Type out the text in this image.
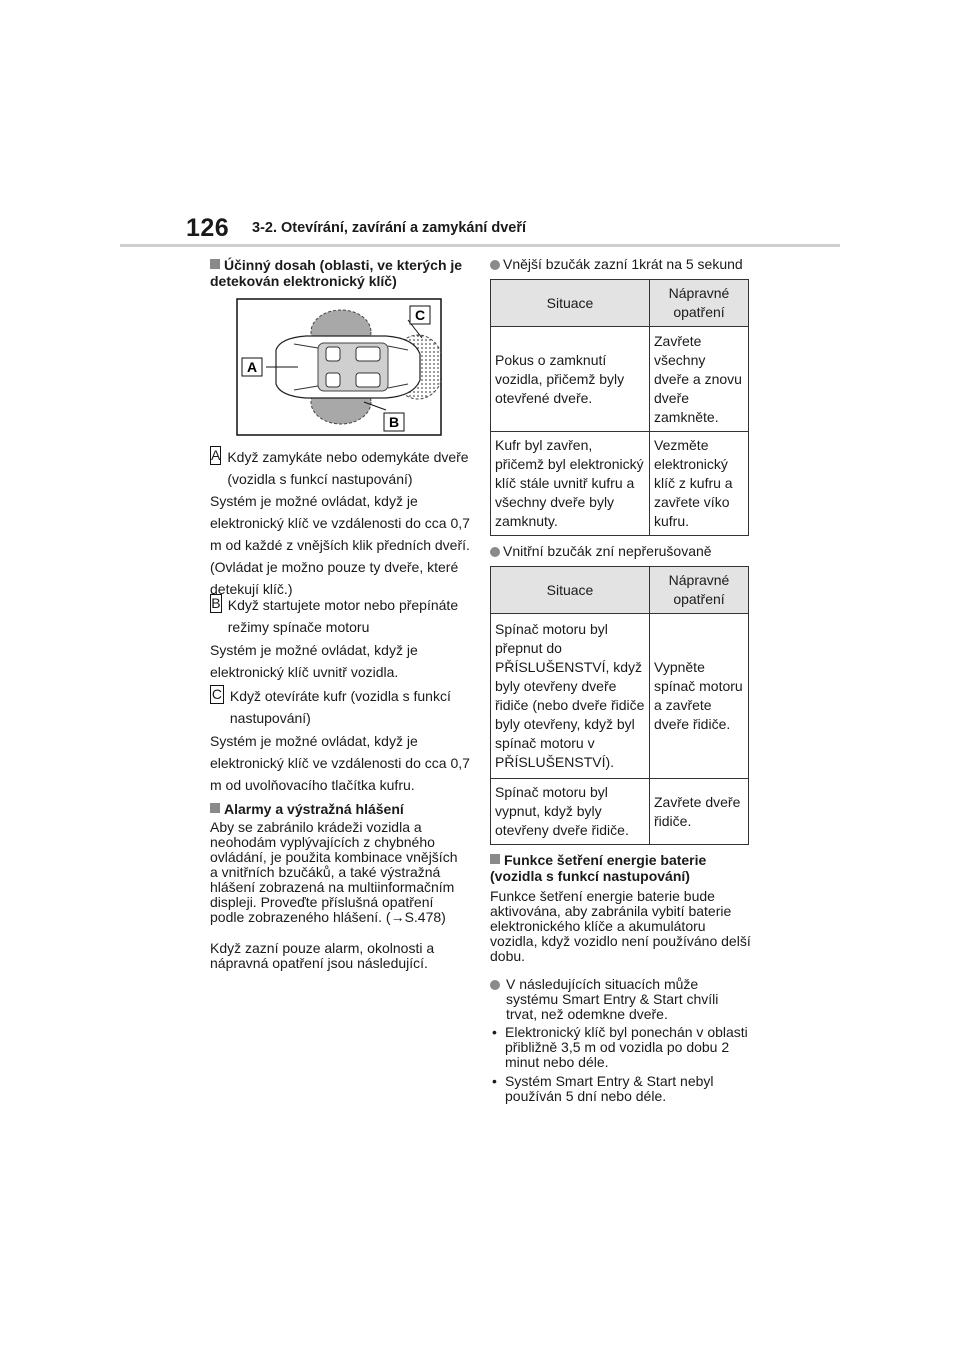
126 3-2. Otevírání, zavírání a zamykání dveří
Účinný dosah (oblasti, ve kterých je detekován elektronický klíč)
A
C
B
A Když zamykáte nebo odemykáte dveře (vozidla s funkcí nastupování)
Systém je možné ovládat, když je elektronický klíč ve vzdálenosti do cca 0,7 m od každé z vnějších klik předních dveří. (Ovládat je možno pouze ty dveře, které detekují klíč.)
B Když startujete motor nebo přepínáte režimy spínače motoru
Systém je možné ovládat, když je elektronický klíč uvnitř vozidla.
C Když otevíráte kufr (vozidla s funkcí nastupování)
Systém je možné ovládat, když je elektronický klíč ve vzdálenosti do cca 0,7 m od uvolňovacího tlačítka kufru.
Alarmy a výstražná hlášení
Aby se zabránilo krádeži vozidla a neohodám vyplývajících z chybného ovládání, je použita kombinace vnějších a vnitřních bzučáků, a také výstražná hlášení zobrazená na multiinformačním displeji. Proveďte příslušná opatření podle zobrazeného hlášení. (→S.478)
Když zazní pouze alarm, okolnosti a nápravná opatření jsou následující.
Vnější bzučák zazní 1krát na 5 sekund
Situace	Nápravné opatření
Pokus o zamknutí vozidla, přičemž byly otevřené dveře.	Zavřete všechny dveře a znovu dveře zamkněte.
Kufr byl zavřen, přičemž byl elektronický klíč stále uvnitř kufru a všechny dveře byly zamknuty.	Vezměte elektronický klíč z kufru a zavřete víko kufru.
Vnitřní bzučák zní nepřerušovaně
Situace	Nápravné opatření
Spínač motoru byl přepnut do PŘÍSLUŠENSTVÍ, když byly otevřeny dveře řidiče (nebo dveře řidiče byly otevřeny, když byl spínač motoru v PŘÍSLUŠENSTVÍ).	Vypněte spínač motoru a zavřete dveře řidiče.
Spínač motoru byl vypnut, když byly otevřeny dveře řidiče.	Zavřete dveře řidiče.
Funkce šetření energie baterie (vozidla s funkcí nastupování)
Funkce šetření energie baterie bude aktivována, aby zabránila vybití baterie elektronického klíče a akumulátoru vozidla, když vozidlo není používáno delší dobu.
V následujících situacích může systému Smart Entry & Start chvíli trvat, než odemkne dveře.
• Elektronický klíč byl ponechán v oblasti přibližně 3,5 m od vozidla po dobu 2 minut nebo déle.
• Systém Smart Entry & Start nebyl používán 5 dní nebo déle.
